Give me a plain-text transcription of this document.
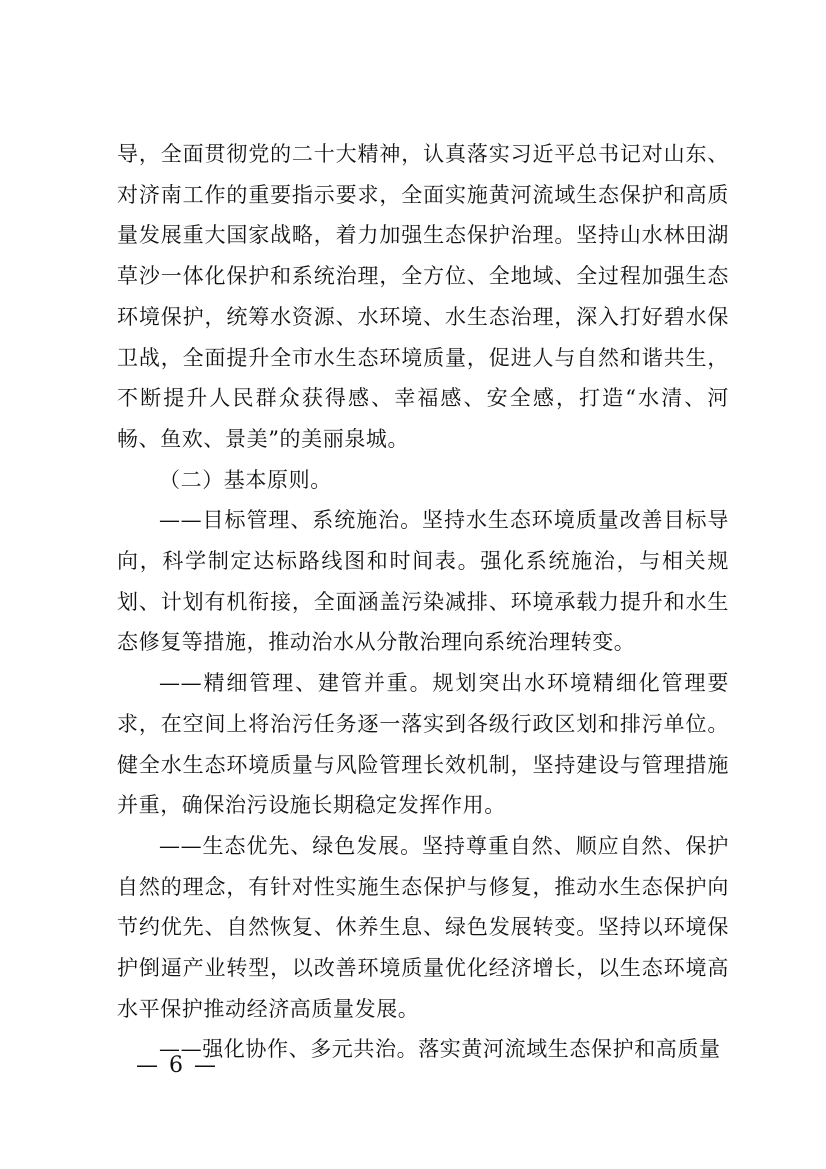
导，全面贯彻党的二十大精神，认真落实习近平总书记对山东、对济南工作的重要指示要求，全面实施黄河流域生态保护和高质量发展重大国家战略，着力加强生态保护治理。坚持山水林田湖草沙一体化保护和系统治理，全方位、全地域、全过程加强生态环境保护，统筹水资源、水环境、水生态治理，深入打好碧水保卫战，全面提升全市水生态环境质量，促进人与自然和谐共生，不断提升人民群众获得感、幸福感、安全感，打造“水清、河畅、鱼欢、景美”的美丽泉城。

（二）基本原则。

——目标管理、系统施治。坚持水生态环境质量改善目标导向，科学制定达标路线图和时间表。强化系统施治，与相关规划、计划有机衔接，全面涵盖污染减排、环境承载力提升和水生态修复等措施，推动治水从分散治理向系统治理转变。

——精细管理、建管并重。规划突出水环境精细化管理要求，在空间上将治污任务逐一落实到各级行政区划和排污单位。健全水生态环境质量与风险管理长效机制，坚持建设与管理措施并重，确保治污设施长期稳定发挥作用。

——生态优先、绿色发展。坚持尊重自然、顺应自然、保护自然的理念，有针对性实施生态保护与修复，推动水生态保护向节约优先、自然恢复、休养生息、绿色发展转变。坚持以环境保护倒逼产业转型，以改善环境质量优化经济增长，以生态环境高水平保护推动经济高质量发展。

——强化协作、多元共治。落实黄河流域生态保护和高质量

— 6 —
